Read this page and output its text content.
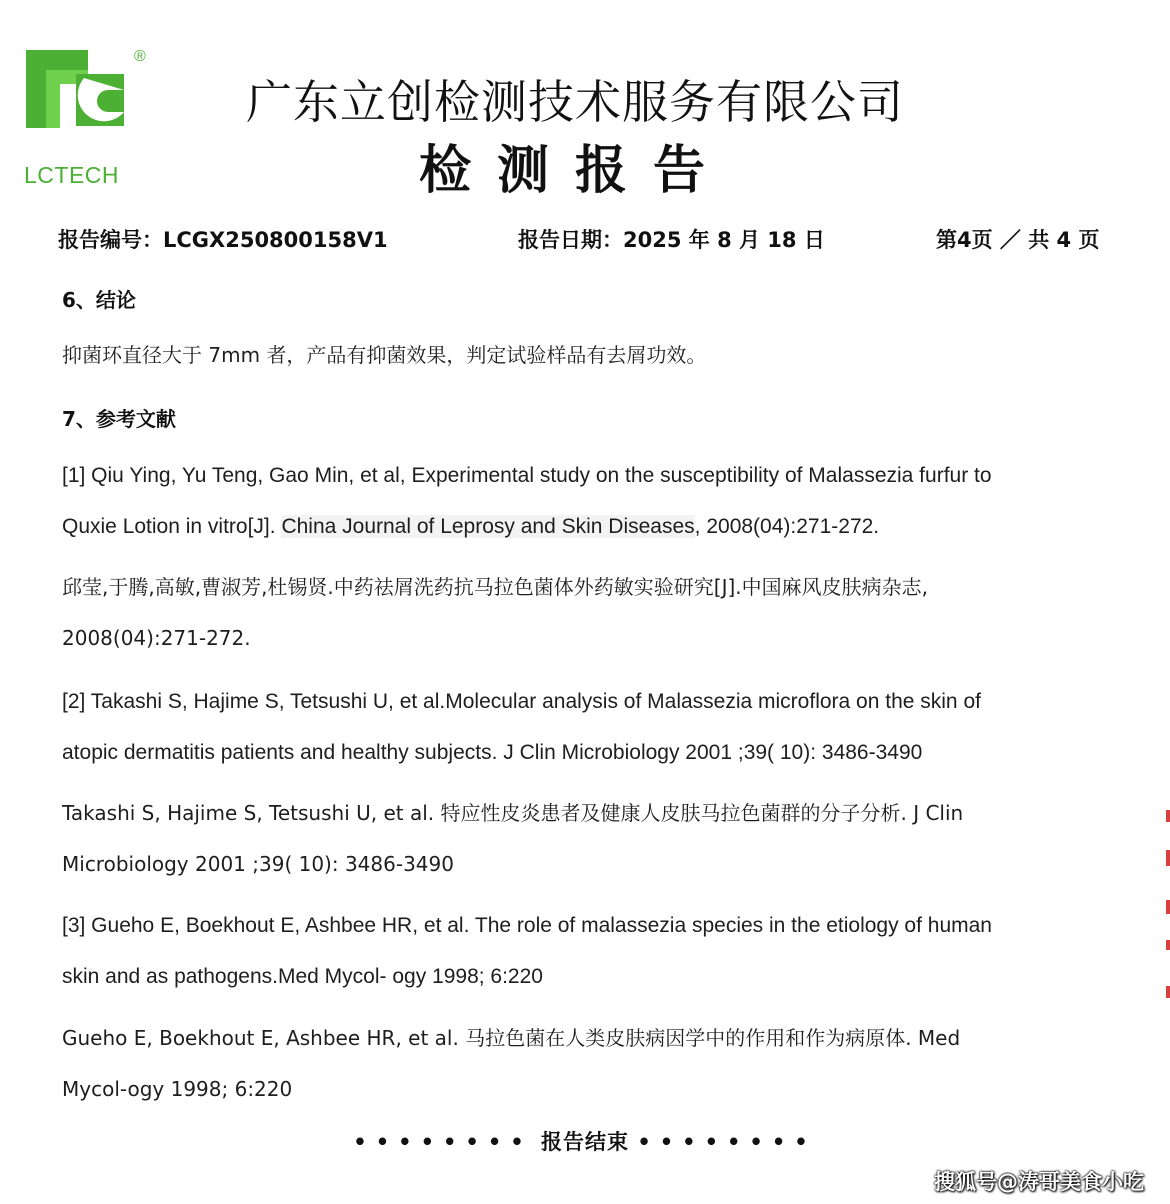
®
LCTECH
广东立创检测技术服务有限公司
检测报告
报告编号：LCGX250800158V1	报告日期：2025 年 8 月 18 日	第4页 ／ 共 4 页
6、结论
抑菌环直径大于 7mm 者，产品有抑菌效果，判定试验样品有去屑功效。
7、参考文献
[1] Qiu Ying, Yu Teng, Gao Min, et al, Experimental study on the susceptibility of Malassezia furfur to
Quxie Lotion in vitro[J]. China Journal of Leprosy and Skin Diseases, 2008(04):271-272.
邱莹,于腾,高敏,曹淑芳,杜锡贤.中药祛屑洗药抗马拉色菌体外药敏实验研究[J].中国麻风皮肤病杂志,
2008(04):271-272.
[2] Takashi S, Hajime S, Tetsushi U, et al.Molecular analysis of Malassezia microflora on the skin of
atopic dermatitis patients and healthy subjects. J Clin Microbiology 2001 ;39( 10): 3486-3490
Takashi S, Hajime S, Tetsushi U, et al. 特应性皮炎患者及健康人皮肤马拉色菌群的分子分析. J Clin
Microbiology 2001 ;39( 10): 3486-3490
[3] Gueho E, Boekhout E, Ashbee HR, et al. The role of malassezia species in the etiology of human
skin and as pathogens.Med Mycol- ogy 1998; 6:220
Gueho E, Boekhout E, Ashbee HR, et al. 马拉色菌在人类皮肤病因学中的作用和作为病原体. Med
Mycol-ogy 1998; 6:220
•••••••• 报告结束 ••••••••
搜狐号@涛哥美食小吃
